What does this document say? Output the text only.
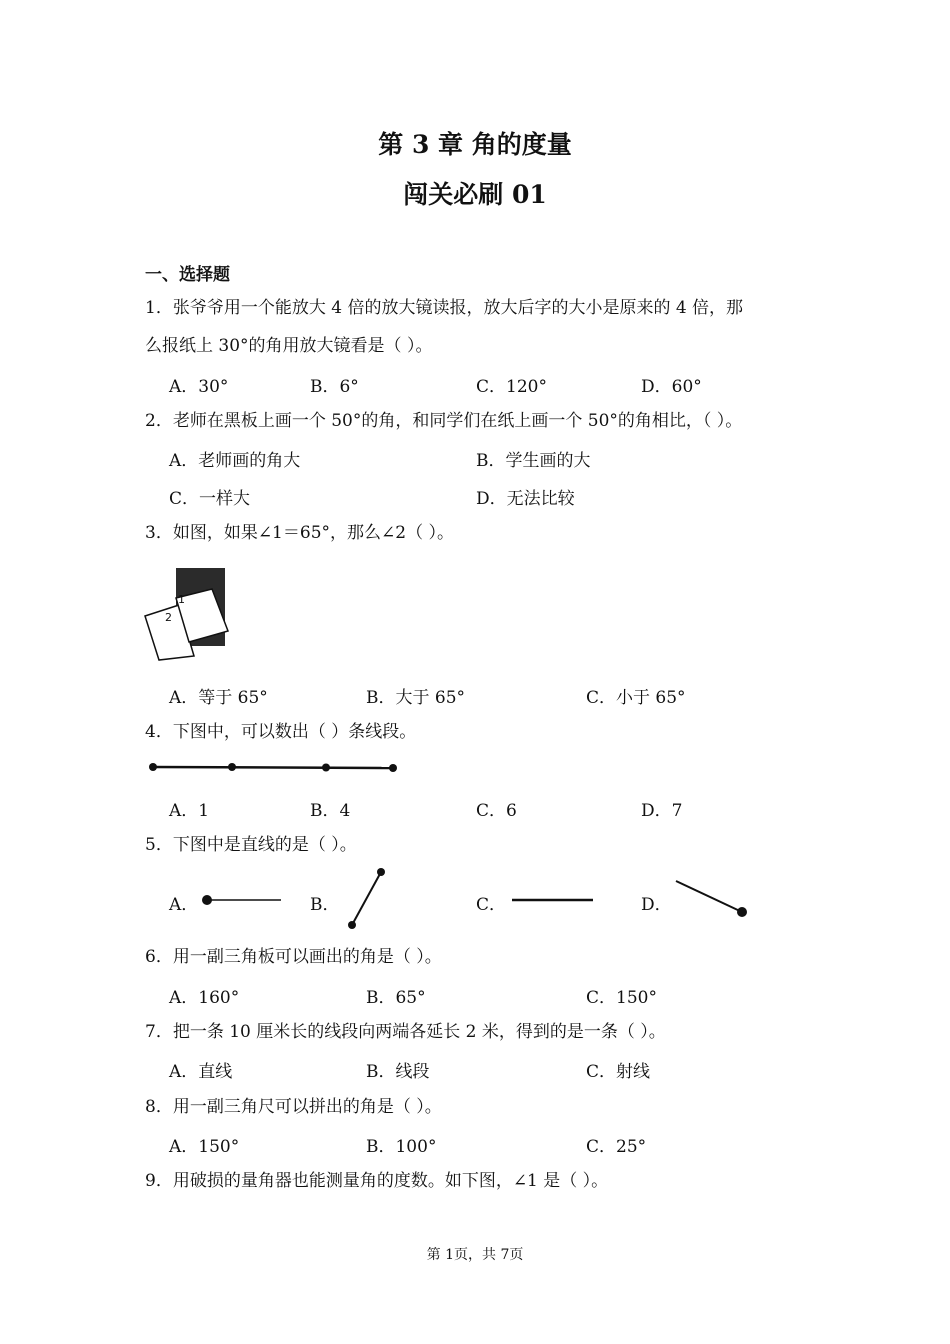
第 3 章 角的度量
闯关必刷 01
一、选择题
1．张爷爷用一个能放大 4 倍的放大镜读报，放大后字的大小是原来的 4 倍，那
么报纸上 30°的角用放大镜看是（ ）。
A．30°	B．6°	C．120°	D．60°
2．老师在黑板上画一个 50°的角，和同学们在纸上画一个 50°的角相比，（ ）。
A．老师画的角大	B．学生画的大
C．一样大	D．无法比较
3．如图，如果∠1＝65°，那么∠2（ ）。
1
2
A．等于 65°	B．大于 65°	C．小于 65°
4．下图中，可以数出（ ）条线段。
A．1	B．4	C．6	D．7
5．下图中是直线的是（ ）。
A．	B．	C．	D．
6．用一副三角板可以画出的角是（ ）。
A．160°	B．65°	C．150°
7．把一条 10 厘米长的线段向两端各延长 2 米，得到的是一条（ ）。
A．直线	B．线段	C．射线
8．用一副三角尺可以拼出的角是（ ）。
A．150°	B．100°	C．25°
9．用破损的量角器也能测量角的度数。如下图，∠1 是（ ）。
第 1页，共 7页
